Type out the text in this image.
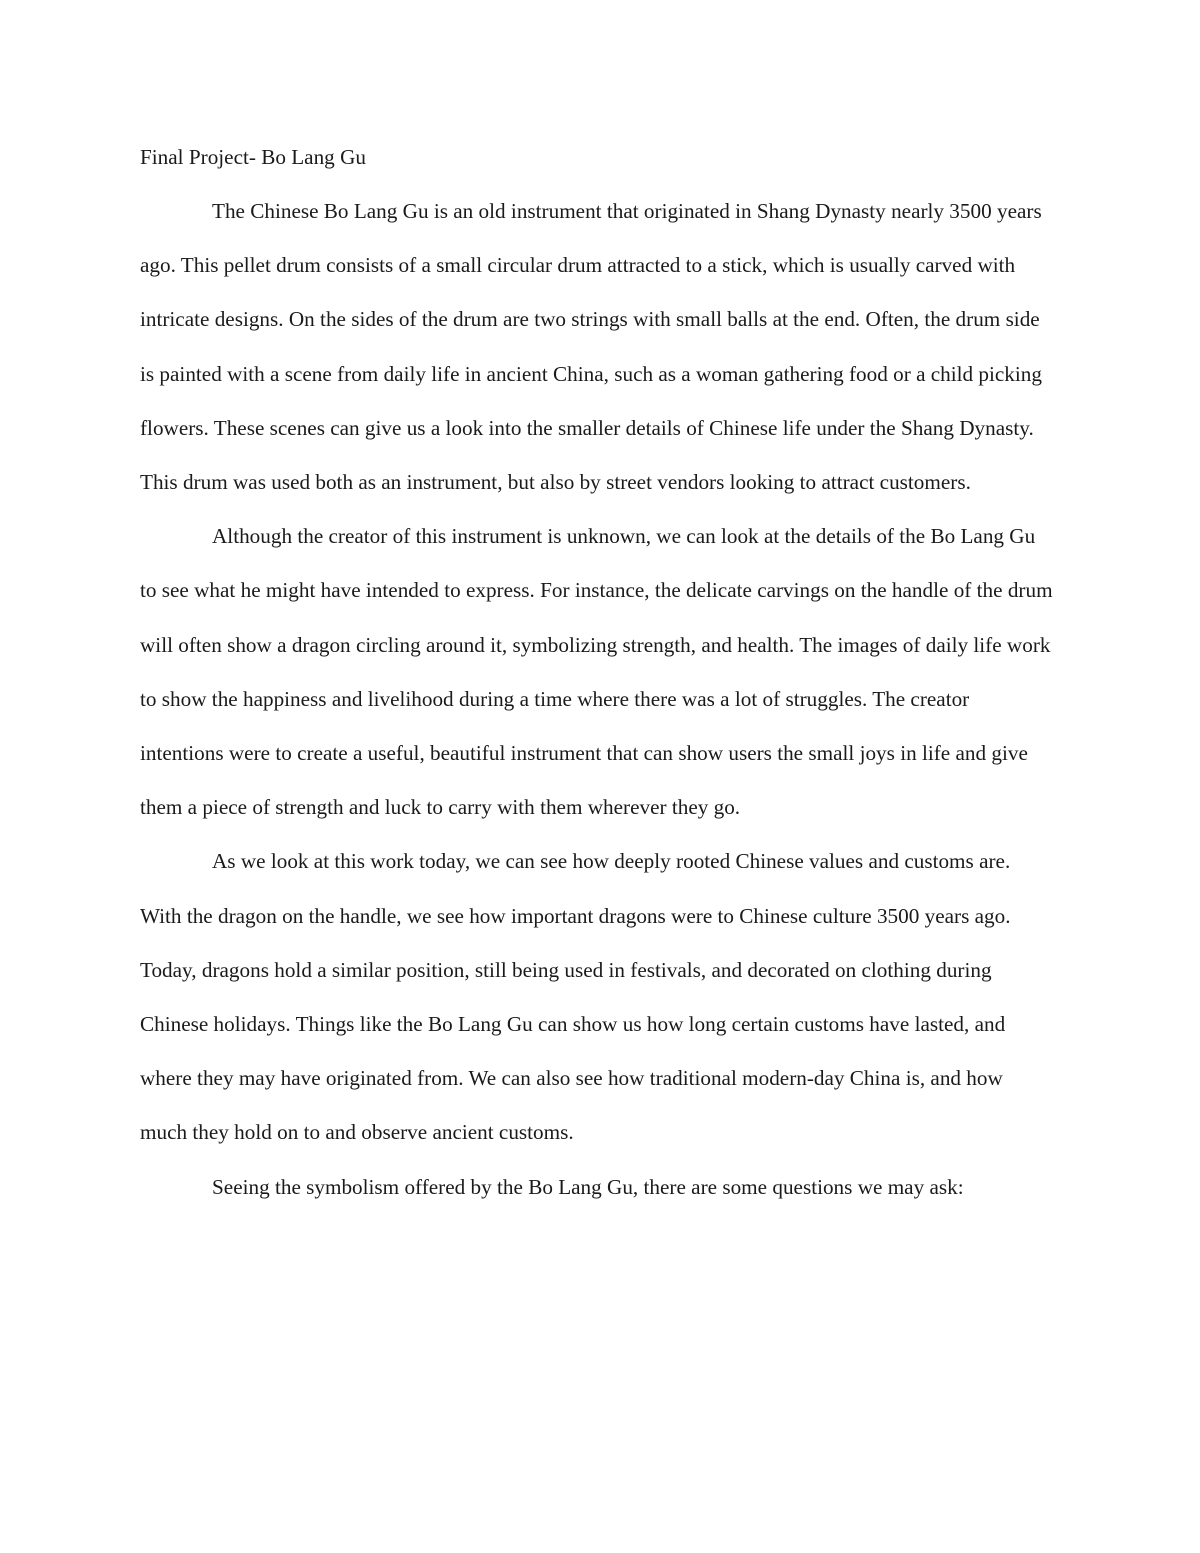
Final Project- Bo Lang Gu

The Chinese Bo Lang Gu is an old instrument that originated in Shang Dynasty nearly 3500 years ago. This pellet drum consists of a small circular drum attracted to a stick, which is usually carved with intricate designs. On the sides of the drum are two strings with small balls at the end. Often, the drum side is painted with a scene from daily life in ancient China, such as a woman gathering food or a child picking flowers. These scenes can give us a look into the smaller details of Chinese life under the Shang Dynasty. This drum was used both as an instrument, but also by street vendors looking to attract customers.

Although the creator of this instrument is unknown, we can look at the details of the Bo Lang Gu to see what he might have intended to express. For instance, the delicate carvings on the handle of the drum will often show a dragon circling around it, symbolizing strength, and health. The images of daily life work to show the happiness and livelihood during a time where there was a lot of struggles. The creator intentions were to create a useful, beautiful instrument that can show users the small joys in life and give them a piece of strength and luck to carry with them wherever they go.

As we look at this work today, we can see how deeply rooted Chinese values and customs are. With the dragon on the handle, we see how important dragons were to Chinese culture 3500 years ago. Today, dragons hold a similar position, still being used in festivals, and decorated on clothing during Chinese holidays. Things like the Bo Lang Gu can show us how long certain customs have lasted, and where they may have originated from. We can also see how traditional modern-day China is, and how much they hold on to and observe ancient customs.

Seeing the symbolism offered by the Bo Lang Gu, there are some questions we may ask:
